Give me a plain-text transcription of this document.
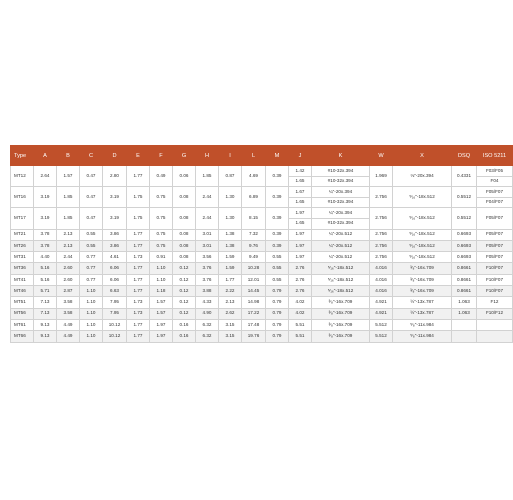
Type	A	B	C	D	E	F	G	H	I	L	M	J	K	W	X	DSQ	ISO 5211
MT12	2.64	1.57	0.47	2.80	1.77	0.49	0.06	1.85	0.87	4.69	0.39	1.42	#10-32x.394	1.969	⅛"-20x.394	0.4331	F03/F05
												1.65	#10-32x.394				F04
MT16	3.19	1.85	0.47	3.19	1.75	0.75	0.08	2.44	1.30	6.89	0.39	1.67	¼"-20x.394	2.756	⁵⁄₁₆"-18x.512	0.5512	F05/F07
												1.65	#10-32x.394				F04/F07
MT17	3.19	1.85	0.47	3.19	1.75	0.75	0.08	2.44	1.30	8.15	0.39	1.97	¼"-20x.394	2.756	⁵⁄₁₆"-18x.512	0.5512	F05/F07
												1.65	#10-32x.394				
MT21	3.78	2.13	0.55	3.86	1.77	0.75	0.08	3.01	1.38	7.32	0.39	1.97	¼"-20x.512	2.756	⁵⁄₁₆"-18x.512	0.6693	F05/F07
MT26	3.78	2.13	0.55	3.86	1.77	0.75	0.08	3.01	1.38	9.76	0.39	1.97	¼"-20x.512	2.756	⁵⁄₁₆"-18x.512	0.6693	F05/F07
MT31	4.40	2.44	0.77	4.61	1.73	0.91	0.08	3.56	1.59	9.49	0.55	1.97	¼"-20x.512	2.756	⁵⁄₁₆"-18x.512	0.6693	F05/F07
MT36	5.16	2.60	0.77	6.06	1.77	1.10	0.12	3.76	1.59	10.28	0.55	2.76	⁵⁄₁₆"-18x.512	4.016	³⁄₈"-16x.709	0.8661	F10/F07
MT41	5.16	2.60	0.77	6.06	1.77	1.10	0.12	3.76	1.77	12.01	0.55	2.76	⁵⁄₁₆"-18x.512	4.016	³⁄₈"-16x.709	0.8661	F10/F07
MT46	5.71	2.87	1.10	6.63	1.77	1.18	0.12	3.88	2.22	14.45	0.79	2.76	⁵⁄₁₆"-18x.512	4.016	³⁄₈"-16x.709	0.8661	F10/F07
MT51	7.13	3.58	1.10	7.95	1.73	1.57	0.12	4.33	2.13	14.98	0.79	4.02	³⁄₈"-16x.709	4.921	½"-13x.787	1.063	F12
MT56	7.13	3.58	1.10	7.95	1.73	1.57	0.12	4.90	2.62	17.22	0.79	4.02	³⁄₈"-16x.709	4.921	½"-13x.787	1.063	F10/F12
MT61	9.13	4.49	1.10	10.12	1.77	1.97	0.16	6.32	3.15	17.48	0.79	5.51	³⁄₈"-16x.709	5.512	⁵⁄₈"-11x.984		
MT66	9.13	4.49	1.10	10.12	1.77	1.97	0.16	6.32	3.15	19.76	0.79	5.51	³⁄₈"-16x.709	5.512	⁵⁄₈"-11x.984		
